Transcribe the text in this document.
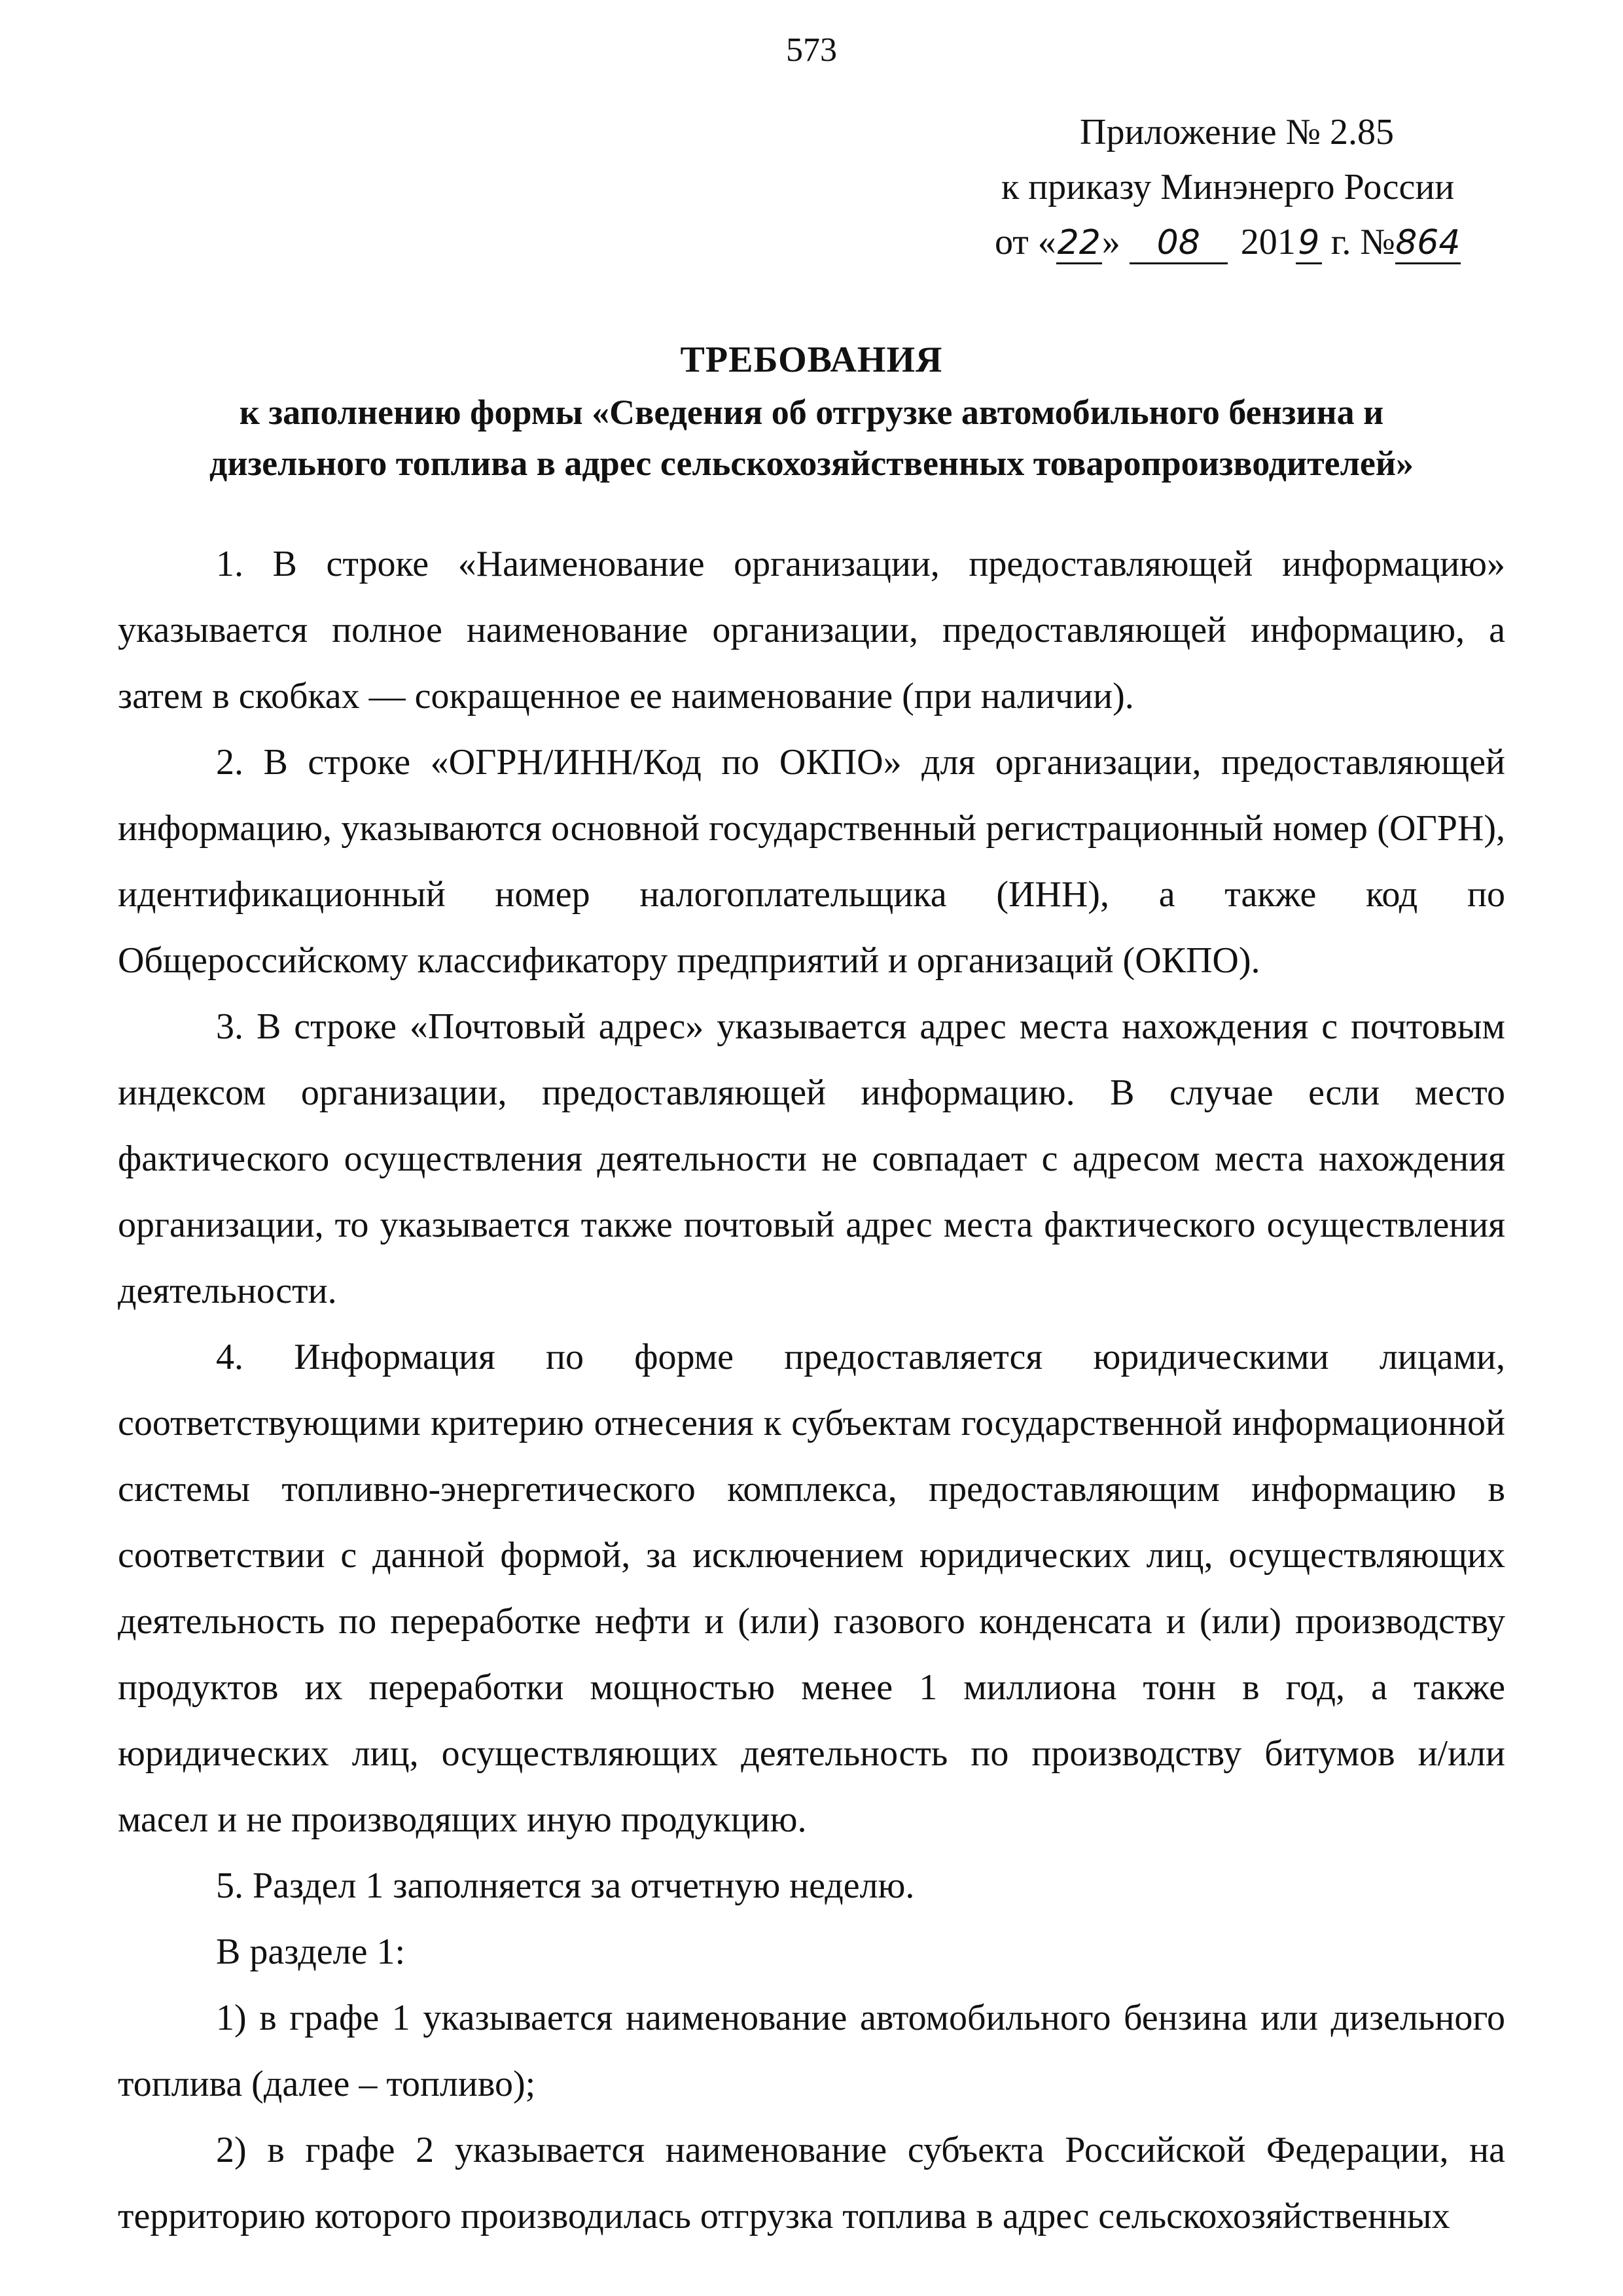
573
Приложение № 2.85
к приказу Минэнерго России
от «22» 08 2019 г. №864
ТРЕБОВАНИЯ
к заполнению формы «Сведения об отгрузке автомобильного бензина и
дизельного топлива в адрес сельскохозяйственных товаропроизводителей»

1. В строке «Наименование организации, предоставляющей информацию» указывается полное наименование организации, предоставляющей информацию, а затем в скобках — сокращенное ее наименование (при наличии).

2. В строке «ОГРН/ИНН/Код по ОКПО» для организации, предоставляющей информацию, указываются основной государственный регистрационный номер (ОГРН), идентификационный номер налогоплательщика (ИНН), а также код по Общероссийскому классификатору предприятий и организаций (ОКПО).

3. В строке «Почтовый адрес» указывается адрес места нахождения с почтовым индексом организации, предоставляющей информацию. В случае если место фактического осуществления деятельности не совпадает с адресом места нахождения организации, то указывается также почтовый адрес места фактического осуществления деятельности.

4. Информация по форме предоставляется юридическими лицами, соответствующими критерию отнесения к субъектам государственной информационной системы топливно-энергетического комплекса, предоставляющим информацию в соответствии с данной формой, за исключением юридических лиц, осуществляющих деятельность по переработке нефти и (или) газового конденсата и (или) производству продуктов их переработки мощностью менее 1 миллиона тонн в год, а также юридических лиц, осуществляющих деятельность по производству битумов и/или масел и не производящих иную продукцию.

5. Раздел 1 заполняется за отчетную неделю.

В разделе 1:

1) в графе 1 указывается наименование автомобильного бензина или дизельного топлива (далее – топливо);

2) в графе 2 указывается наименование субъекта Российской Федерации, на территорию которого производилась отгрузка топлива в адрес сельскохозяйственных
